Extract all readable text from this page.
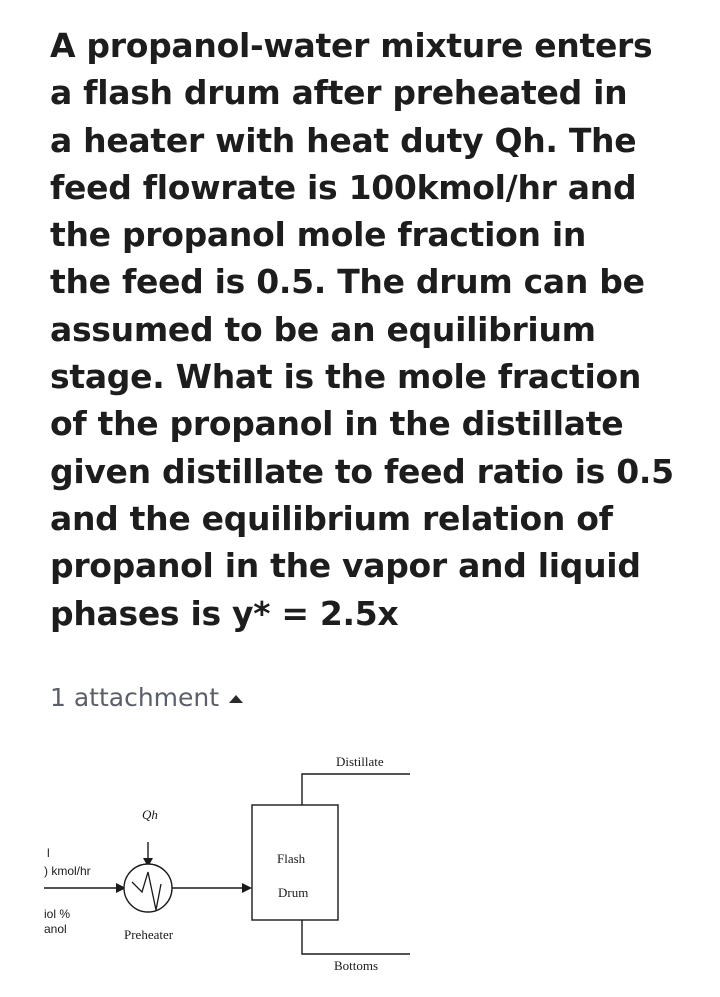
A propanol-water mixture enters
a flash drum after preheated in
a heater with heat duty Qh. The
feed flowrate is 100kmol/hr and
the propanol mole fraction in
the feed is 0.5. The drum can be
assumed to be an equilibrium
stage. What is the mole fraction
of the propanol in the distillate
given distillate to feed ratio is 0.5
and the equilibrium relation of
propanol in the vapor and liquid
phases is y* = 2.5x
1 attachment
Qh
Flash
Drum
Distillate
Bottoms
Preheater
l
) kmol/hr
iol %
anol
